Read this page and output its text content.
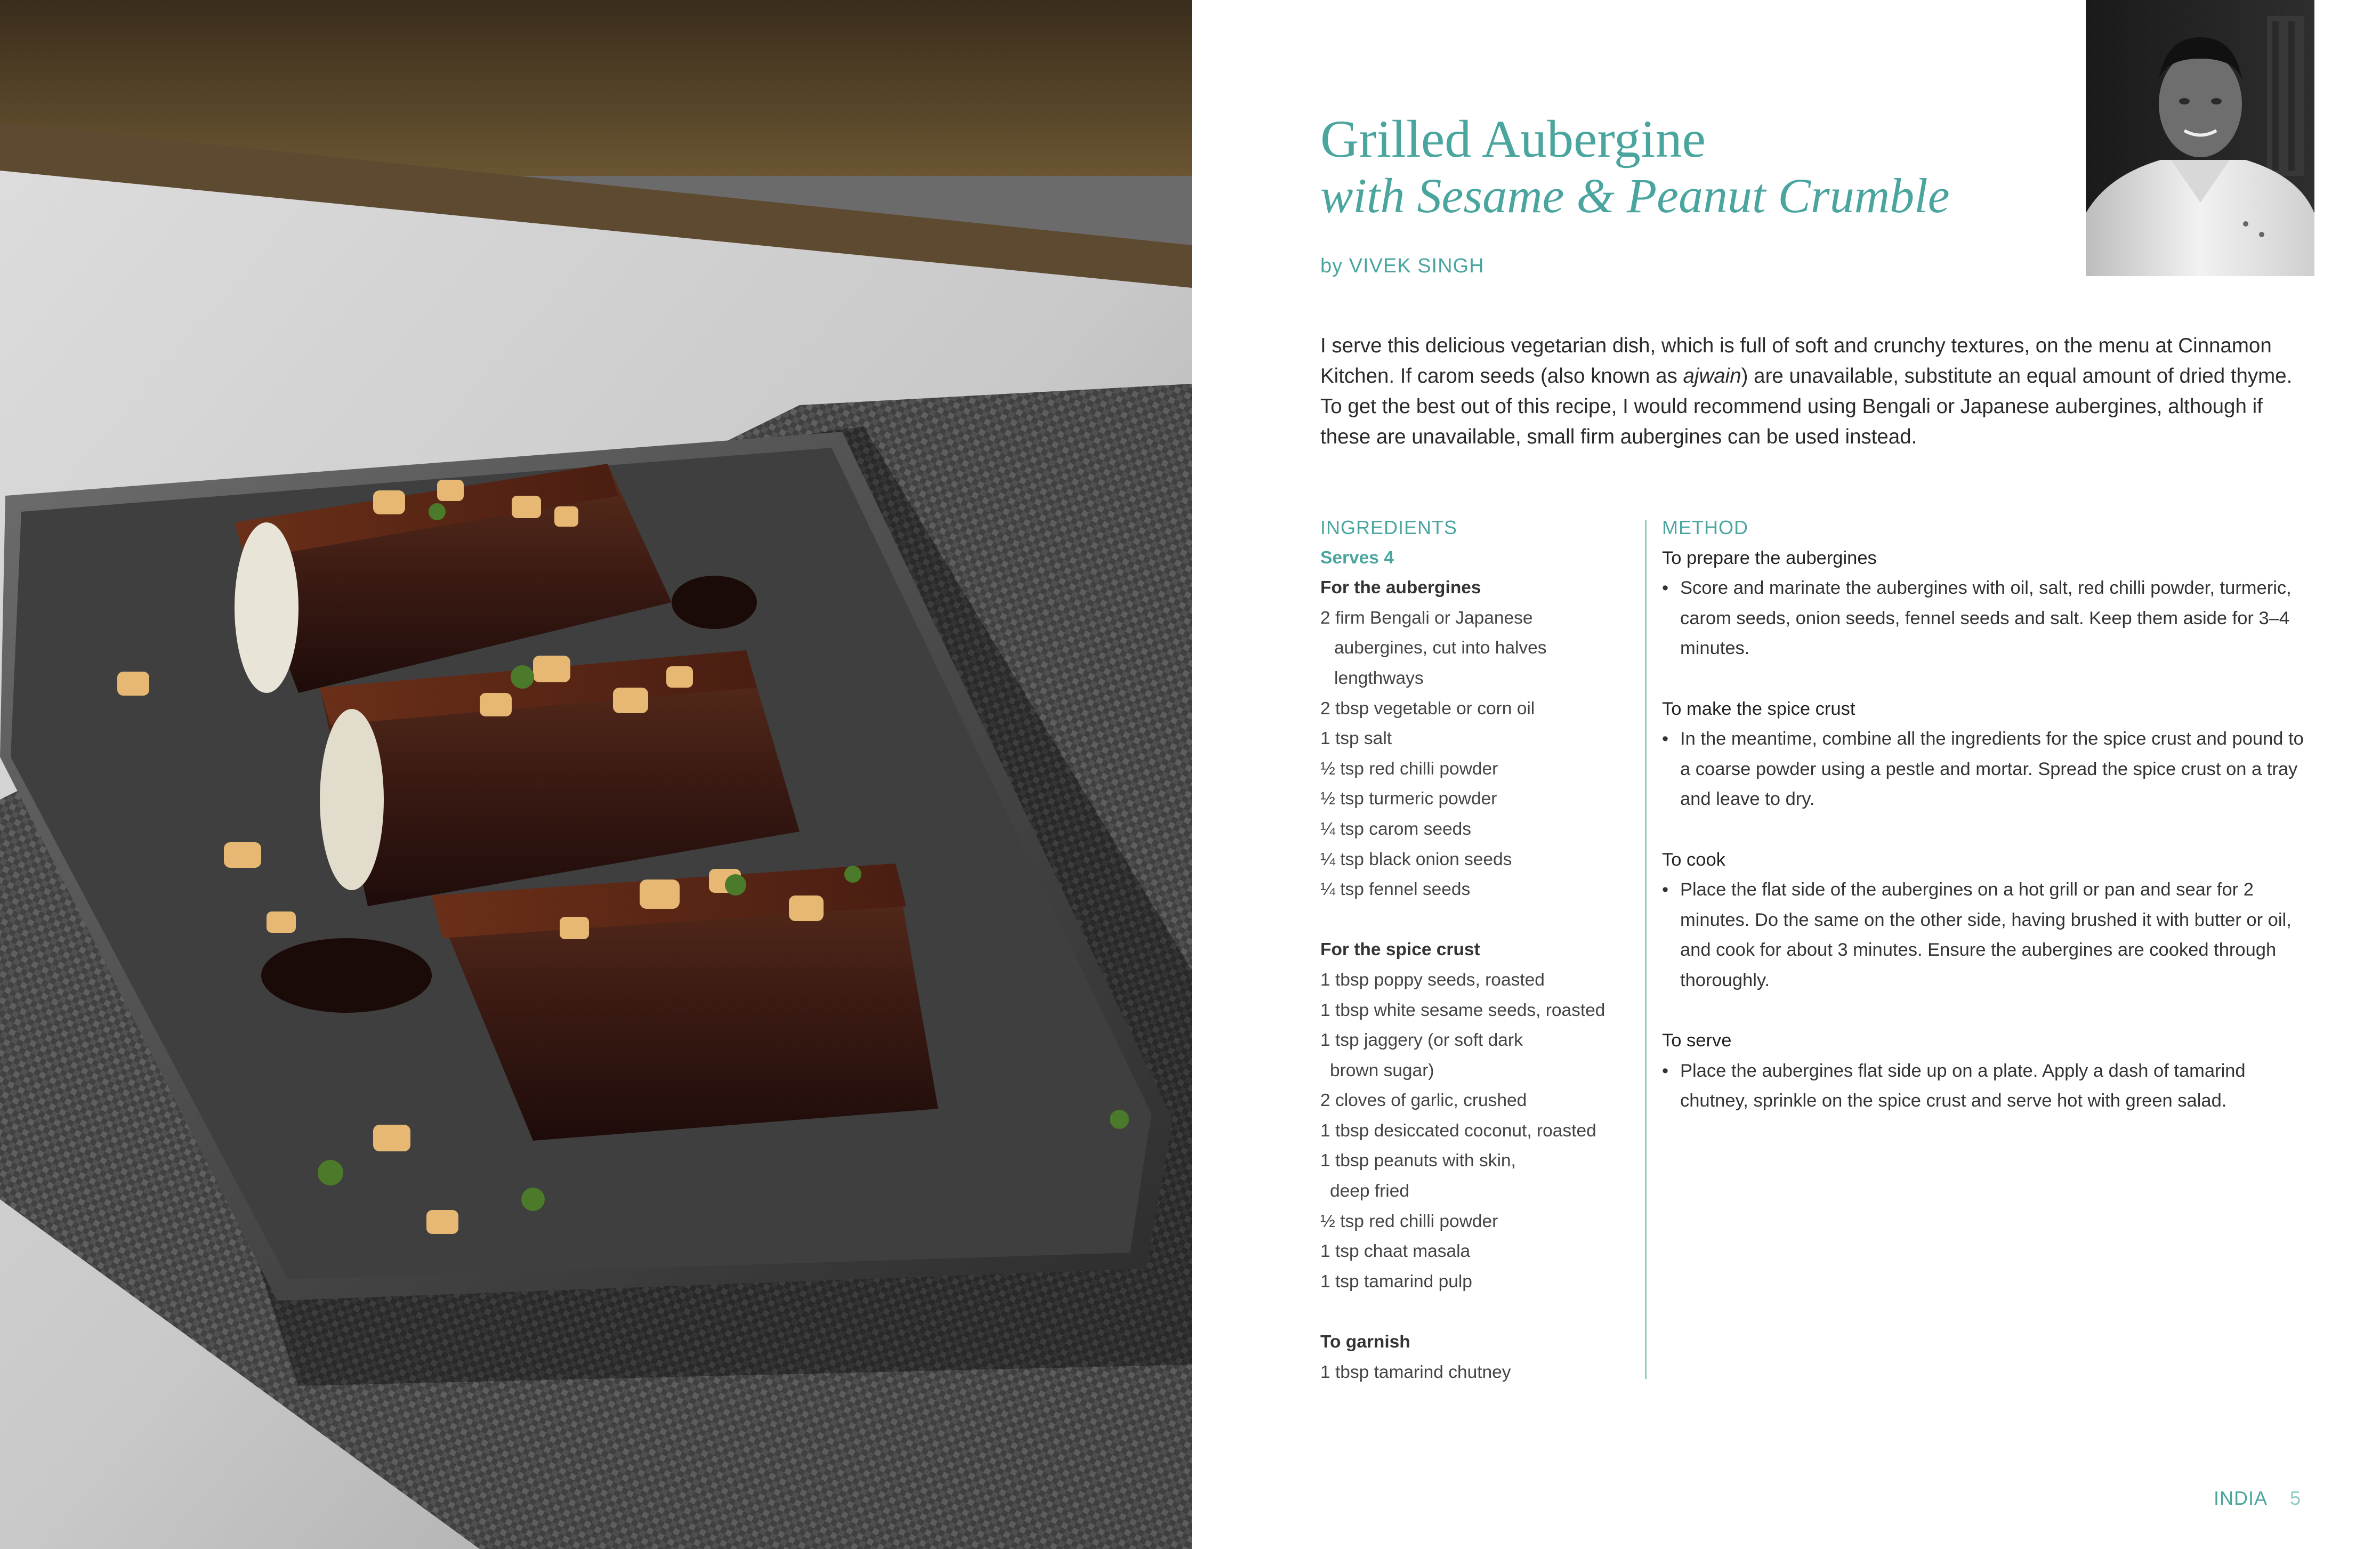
Grilled Aubergine
with Sesame & Peanut Crumble
by VIVEK SINGH
I serve this delicious vegetarian dish, which is full of soft and crunchy textures, on the menu at Cinnamon Kitchen. If carom seeds (also known as ajwain) are unavailable, substitute an equal amount of dried thyme. To get the best out of this recipe, I would recommend using Bengali or Japanese aubergines, although if these are unavailable, small firm aubergines can be used instead.
INGREDIENTS
Serves 4
For the aubergines
2 firm Bengali or Japanese
aubergines, cut into halves
lengthways
2 tbsp vegetable or corn oil
1 tsp salt
½ tsp red chilli powder
½ tsp turmeric powder
¼ tsp carom seeds
¼ tsp black onion seeds
¼ tsp fennel seeds
For the spice crust
1 tbsp poppy seeds, roasted
1 tbsp white sesame seeds, roasted
1 tsp jaggery (or soft dark
brown sugar)
2 cloves of garlic, crushed
1 tbsp desiccated coconut, roasted
1 tbsp peanuts with skin,
deep fried
½ tsp red chilli powder
1 tsp chaat masala
1 tsp tamarind pulp
To garnish
1 tbsp tamarind chutney
METHOD
To prepare the aubergines
• Score and marinate the aubergines with oil, salt, red chilli powder, turmeric, carom seeds, onion seeds, fennel seeds and salt. Keep them aside for 3–4 minutes.
To make the spice crust
• In the meantime, combine all the ingredients for the spice crust and pound to a coarse powder using a pestle and mortar. Spread the spice crust on a tray and leave to dry.
To cook
• Place the flat side of the aubergines on a hot grill or pan and sear for 2 minutes. Do the same on the other side, having brushed it with butter or oil, and cook for about 3 minutes. Ensure the aubergines are cooked through thoroughly.
To serve
• Place the aubergines flat side up on a plate. Apply a dash of tamarind chutney, sprinkle on the spice crust and serve hot with green salad.
INDIA 5
